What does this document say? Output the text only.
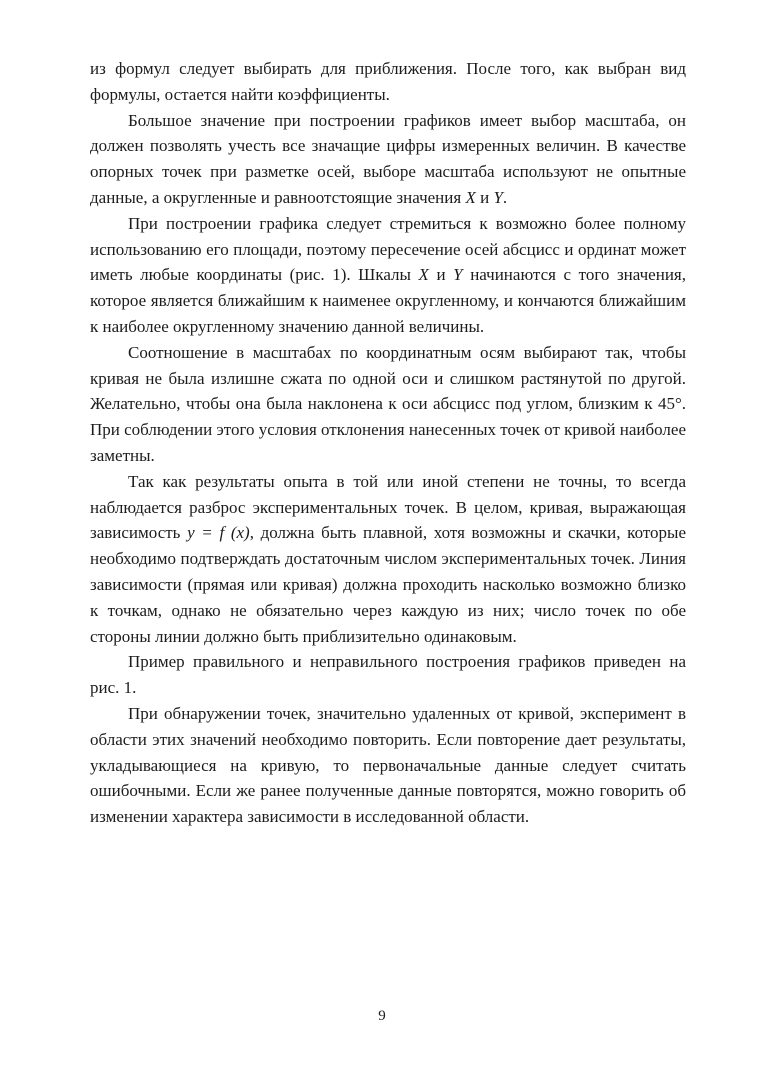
из формул следует выбирать для приближения. После того, как выбран вид формулы, остается найти коэффициенты.

Большое значение при построении графиков имеет выбор масштаба, он должен позволять учесть все значащие цифры измеренных величин. В качестве опорных точек при разметке осей, выборе масштаба используют не опытные данные, а округленные и равноотстоящие значения X и Y.

При построении графика следует стремиться к возможно более полному использованию его площади, поэтому пересечение осей абсцисс и ординат может иметь любые координаты (рис. 1). Шкалы X и Y начинаются с того значения, которое является ближайшим к наименее округленному, и кончаются ближайшим к наиболее округленному значению данной величины.

Соотношение в масштабах по координатным осям выбирают так, чтобы кривая не была излишне сжата по одной оси и слишком растянутой по другой. Желательно, чтобы она была наклонена к оси абсцисс под углом, близким к 45°. При соблюдении этого условия отклонения нанесенных точек от кривой наиболее заметны.

Так как результаты опыта в той или иной степени не точны, то всегда наблюдается разброс экспериментальных точек. В целом, кривая, выражающая зависимость y = f (x), должна быть плавной, хотя возможны и скачки, которые необходимо подтверждать достаточным числом экспериментальных точек. Линия зависимости (прямая или кривая) должна проходить насколько возможно близко к точкам, однако не обязательно через каждую из них; число точек по обе стороны линии должно быть приблизительно одинаковым.

Пример правильного и неправильного построения графиков приведен на рис. 1.

При обнаружении точек, значительно удаленных от кривой, эксперимент в области этих значений необходимо повторить. Если повторение дает результаты, укладывающиеся на кривую, то первоначальные данные следует считать ошибочными. Если же ранее полученные данные повторятся, можно говорить об изменении характера зависимости в исследованной области.

9
